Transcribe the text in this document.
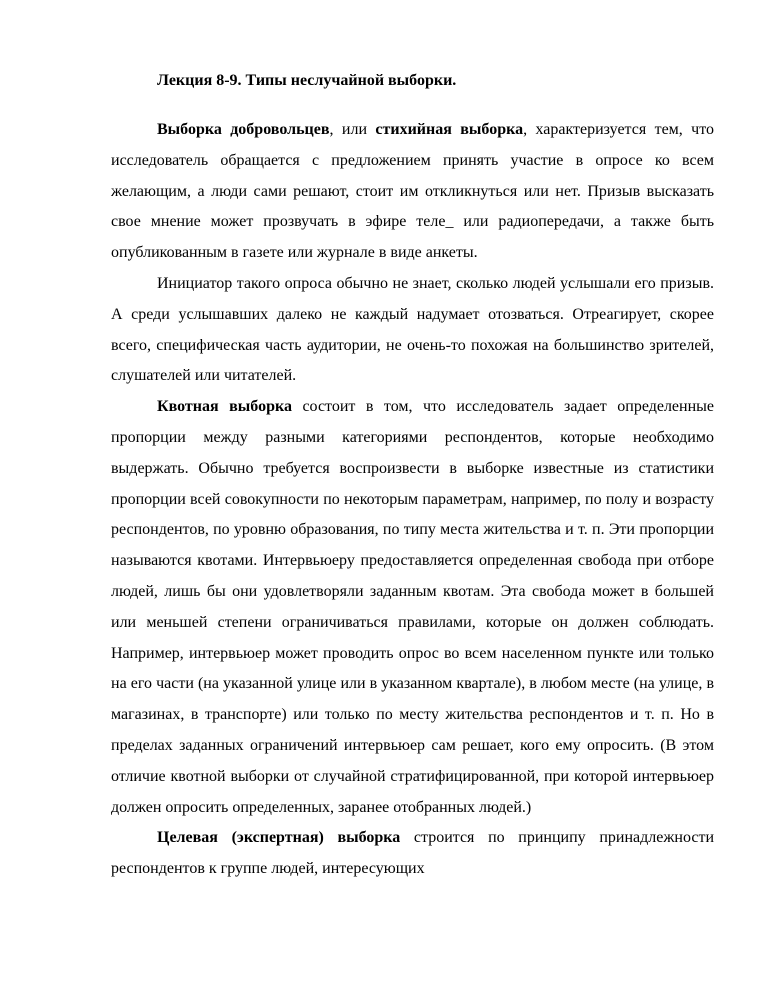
Лекция 8-9. Типы неслучайной выборки.

Выборка добровольцев, или стихийная выборка, характеризуется тем, что исследователь обращается с предложением принять участие в опросе ко всем желающим, а люди сами решают, стоит им откликнуться или нет. Призыв высказать свое мнение может прозвучать в эфире теле_ или радиопередачи, а также быть опубликованным в газете или журнале в виде анкеты.

Инициатор такого опроса обычно не знает, сколько людей услышали его призыв. А среди услышавших далеко не каждый надумает отозваться. Отреагирует, скорее всего, специфическая часть аудитории, не очень-то похожая на большинство зрителей, слушателей или читателей.

Квотная выборка состоит в том, что исследователь задает определенные пропорции между разными категориями респондентов, которые необходимо выдержать. Обычно требуется воспроизвести в выборке известные из статистики пропорции всей совокупности по некоторым параметрам, например, по полу и возрасту респондентов, по уровню образования, по типу места жительства и т. п. Эти пропорции называются квотами. Интервьюеру предоставляется определенная свобода при отборе людей, лишь бы они удовлетворяли заданным квотам. Эта свобода может в большей или меньшей степени ограничиваться правилами, которые он должен соблюдать. Например, интервьюер может проводить опрос во всем населенном пункте или только на его части (на указанной улице или в указанном квартале), в любом месте (на улице, в магазинах, в транспорте) или только по месту жительства респондентов и т. п. Но в пределах заданных ограничений интервьюер сам решает, кого ему опросить. (В этом отличие квотной выборки от случайной стратифицированной, при которой интервьюер должен опросить определенных, заранее отобранных людей.)

Целевая (экспертная) выборка строится по принципу принадлежности респондентов к группе людей, интересующих
